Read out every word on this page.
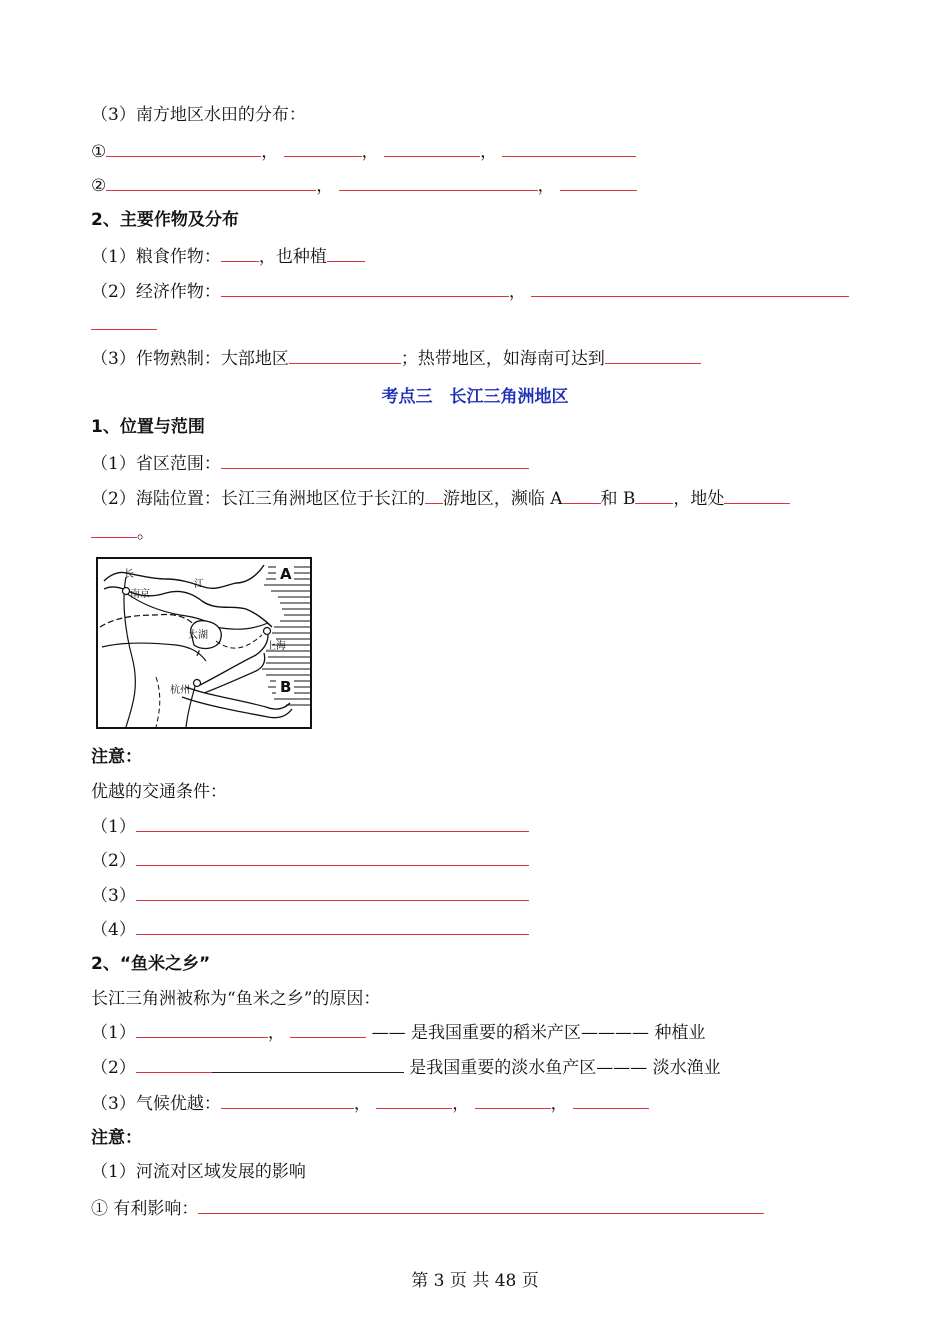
（3）南方地区水田的分布：
①	，	，	，
②	，	，
2、主要作物及分布
（1）粮食作物： ，也种植
（2）经济作物：	，
（3）作物熟制：大部地区	；热带地区，如海南可达到
考点三　长江三角洲地区
1、位置与范围
（1）省区范围：
（2）海陆位置：长江三角洲地区位于长江的 游地区，濒临 A 和 B ，地处
。
A
B
长
江
南京
太湖
上海
杭州
注意：
优越的交通条件：
（1）
（2）
（3）
（4）
2、“鱼米之乡”
长江三角洲被称为“鱼米之乡”的原因：
（1）	，	—— 是我国重要的稻米产区———— 种植业
（2）	是我国重要的淡水鱼产区——— 淡水渔业
（3）气候优越：	，	，	，
注意：
（1）河流对区域发展的影响
① 有利影响：
第 3 页 共 48 页
